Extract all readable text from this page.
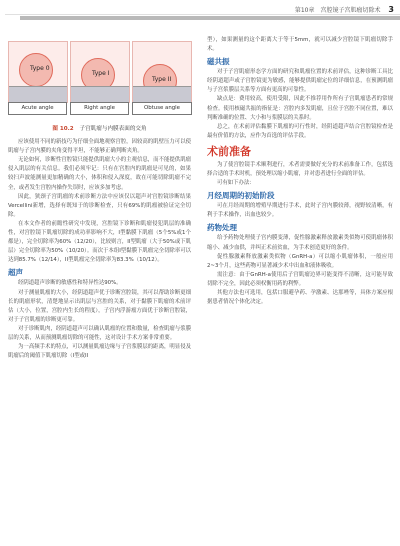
第10章　宫腔镜子宫肌瘤切除术 3
Type 0
Type I
Type II
Acute angle	Right angle	Obtuse angle
图 10.2 子宫肌瘤与内膜表面的交角

应该使用不同的新技巧为仔细全面地观察宫腔，因较高的肌壁压力可以使肌瘤与子宫内膜的夹角变得平坦，不能够正确判断夹角。

无论如何，诊断性宫腔镜只能提供肌瘤大小的主观信息，而不能提供肌瘤侵入肌层的有关信息。我们必须牢记：只有在宫腔内的肌瘤是可见的，如果较扫声波能测量更加精确的大小，体积和侵入深度，故在可能切除肌瘤不完全，或者发生宫腔内操作失误时，应该多加考虑。

因此，狭颈子宫肌瘤的术前诊断方法中应该仅以超声对宫腔镜诊断结果Vercellini新增，选择有既知于的诊断检查，只有69%的肌瘤被验证完全切除。

在本文作者的前瞻性研究中发现，宫腔镜下诊断和肌瘤侵犯肌层的准确性，对宫腔镜下肌瘤切除的成功率影响不大，I型黏膜下肌瘤（5个5%或1个都是），完全切除率为60%（12/20），比较则言，II型肌瘤（大于50%或下肌层）完全切除率为50%（10/20）。而次于本组I型黏膜下肌瘤完全切除率可以达到85.7%（12/14），II型肌瘤完全切除率为83.3%（10/12）。

超声

经阴道超声诊断的敏感性和特异性达90%。

对于测量肌瘤的大小，经阴道超声优于诊断宫腔镜，其可以帮助诊断更细长的肌瘤形状，清楚地显示出肌层与宫腔的关系，对于黏膜下肌瘤的术前评估（大小，位置，宫腔内生长的程度），子宫内浮游瘤方面优于诊断宫腔镜，对于子宫肌瘤的诊断更可靠。

对于诊断肌肉，经阴道超声可以确认肌瘤的位置和数量，检查肌瘤与浆膜层的关系，从而预测肌瘤切除的可能性，这对设计手术方案非常重要。

为一高频手术的特点，可以测量肌瘤边缘与子宫浆膜层的距离，明显侵及肌瘤后的阈值下肌瘤切除（I型或II

型），如果测量的这个距离大于等于5mm，就可以减少宫腔镜下肌瘤切除手术。

磁共振

对于子宫肌瘤形态学方面的研究和肌瘤位置的术前评估，这种诊断工具比经阴道超声或子宫腔镜更为敏感，能够提供肌瘤定位的详细信息，在预测肌瘤与子宫浆膜层关系等方面有更高的可靠性。

缺点是：费用较高，使用受限，因此不推荐用作所有子宫肌瘤患者的常规检查。使用核磁共振的指征是：宫腔内多发肌瘤，且位于宫腔不同位置，难以判断准确的位置、大小和与浆膜层的关系时。

总之，在术前评估黏膜下肌瘤的可行性时，经阴道超声结合宫腔镜检查是最有价值的方法，应作为首选的评估手段。

术前准备

为了使宫腔镜手术顺利进行，术者需要做好充分的术前准备工作，包括选择合适的手术时机，预处理以缩小肌瘤，并对患者进行全面的评估。

可有如下办法：

月经周期的初始阶段

可在月经周期的增殖早期进行手术，此时子宫内膜较薄，视野较清晰，有利于手术操作，出血也较少。

药物处理

给予药物处理使子宫内膜变薄，促性腺激素释放激素类似物可使肌瘤体积缩小、减少血供，并纠正术前贫血，为手术创造更好的条件。

促性腺激素释放激素类似物（GnRH-a）可以缩小肌瘤体积，一般应用2~3个月，这些药物可显著减少术中出血和液体吸收。

需注意：由于GnRH-a使用后子宫肌瘤边界可能变得不清晰，这可能导致切除不完全，因此必须权衡用药的利弊。

其他方法也可选用，包括口服避孕药、孕激素、达那唑等，具体方案应根据患者情况个体化决定。
